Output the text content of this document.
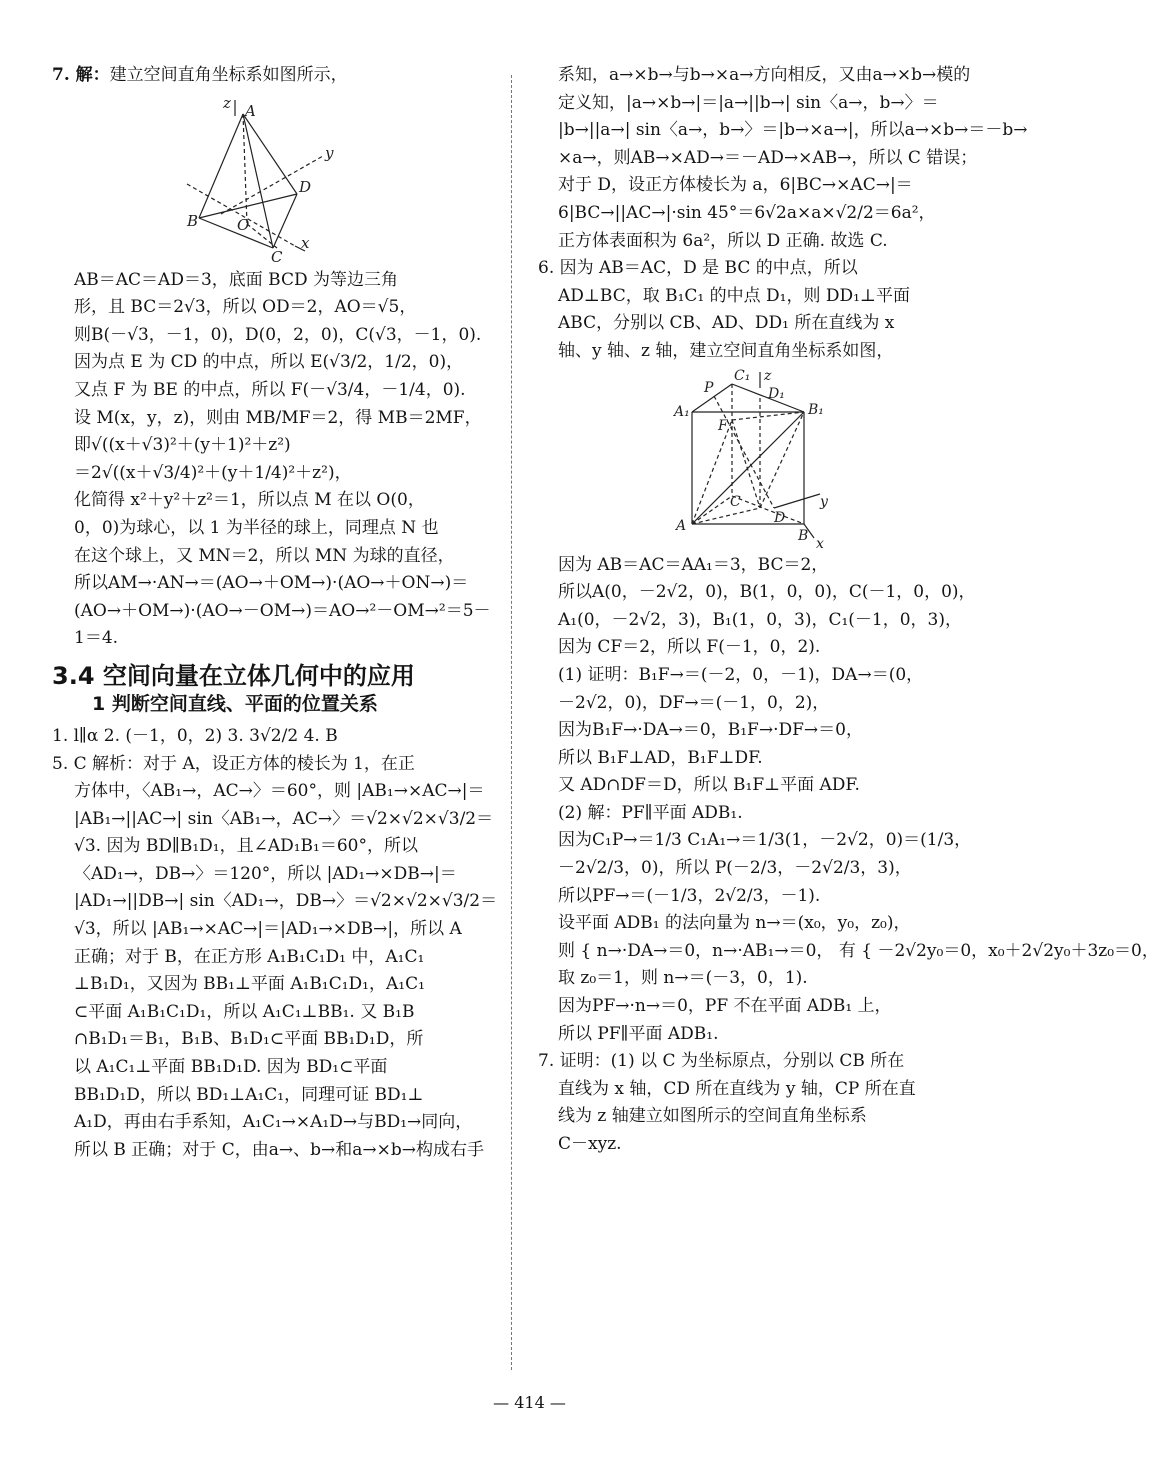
7. 解：建立空间直角坐标系如图所示，
z A
y
D
B	O
x
C
AB＝AC＝AD＝3，底面 BCD 为等边三角
形，且 BC＝2√3，所以 OD＝2，AO＝√5，
则B(－√3，－1，0)，D(0，2，0)，C(√3，－1，0).
因为点 E 为 CD 的中点，所以 E(√3/2，1/2，0)，
又点 F 为 BE 的中点，所以 F(－√3/4，－1/4，0).
设 M(x，y，z)，则由 MB/MF＝2，得 MB＝2MF，
即√((x＋√3)²＋(y＋1)²＋z²)
＝2√((x＋√3/4)²＋(y＋1/4)²＋z²)，
化简得 x²＋y²＋z²＝1，所以点 M 在以 O(0，
0，0)为球心，以 1 为半径的球上，同理点 N 也
在这个球上，又 MN＝2，所以 MN 为球的直径，
所以AM→·AN→＝(AO→＋OM→)·(AO→＋ON→)＝
(AO→＋OM→)·(AO→－OM→)＝AO→²－OM→²＝5－
1＝4.
3.4 空间向量在立体几何中的应用
1 判断空间直线、平面的位置关系
1. l∥α 2. (－1，0，2) 3. 3√2/2 4. B
5. C 解析：对于 A，设正方体的棱长为 1，在正
方体中，〈AB₁→，AC→〉＝60°，则 |AB₁→×AC→|＝
|AB₁→||AC→| sin〈AB₁→，AC→〉＝√2×√2×√3/2＝
√3. 因为 BD∥B₁D₁，且∠AD₁B₁＝60°，所以
〈AD₁→，DB→〉＝120°，所以 |AD₁→×DB→|＝
|AD₁→||DB→| sin〈AD₁→，DB→〉＝√2×√2×√3/2＝
√3，所以 |AB₁→×AC→|＝|AD₁→×DB→|，所以 A
正确；对于 B，在正方形 A₁B₁C₁D₁ 中，A₁C₁
⊥B₁D₁，又因为 BB₁⊥平面 A₁B₁C₁D₁，A₁C₁
⊂平面 A₁B₁C₁D₁，所以 A₁C₁⊥BB₁. 又 B₁B
∩B₁D₁＝B₁，B₁B、B₁D₁⊂平面 BB₁D₁D，所
以 A₁C₁⊥平面 BB₁D₁D. 因为 BD₁⊂平面
BB₁D₁D，所以 BD₁⊥A₁C₁，同理可证 BD₁⊥
A₁D，再由右手系知，A₁C₁→×A₁D→与BD₁→同向，
所以 B 正确；对于 C，由a→、b→和a→×b→构成右手
系知，a→×b→与b→×a→方向相反，又由a→×b→模的
定义知，|a→×b→|＝|a→||b→| sin〈a→，b→〉＝
|b→||a→| sin〈a→，b→〉＝|b→×a→|，所以a→×b→＝－b→
×a→，则AB→×AD→＝－AD→×AB→，所以 C 错误；
对于 D，设正方体棱长为 a，6|BC→×AC→|＝
6|BC→||AC→|·sin 45°＝6√2a×a×√2/2＝6a²，
正方体表面积为 6a²，所以 D 正确. 故选 C.
6. 因为 AB＝AC，D 是 BC 的中点，所以
AD⊥BC，取 B₁C₁ 的中点 D₁，则 DD₁⊥平面
ABC，分别以 CB、AD、DD₁ 所在直线为 x
轴、y 轴、z 轴，建立空间直角坐标系如图，
C₁ z
P	D₁
A₁	B₁
F
C	y
A	D
B x
因为 AB＝AC＝AA₁＝3，BC＝2，
所以A(0，－2√2，0)，B(1，0，0)，C(－1，0，0)，
A₁(0，－2√2，3)，B₁(1，0，3)，C₁(－1，0，3)，
因为 CF＝2，所以 F(－1，0，2).
(1) 证明：B₁F→＝(－2，0，－1)，DA→＝(0，
－2√2，0)，DF→＝(－1，0，2)，
因为B₁F→·DA→＝0，B₁F→·DF→＝0，
所以 B₁F⊥AD，B₁F⊥DF.
又 AD∩DF＝D，所以 B₁F⊥平面 ADF.
(2) 解：PF∥平面 ADB₁.
因为C₁P→＝1/3 C₁A₁→＝1/3(1，－2√2，0)＝(1/3，
－2√2/3，0)，所以 P(－2/3，－2√2/3，3)，
所以PF→＝(－1/3，2√2/3，－1).
设平面 ADB₁ 的法向量为 n→＝(x₀，y₀，z₀)，
则 { n→·DA→＝0，n→·AB₁→＝0， 有 { －2√2y₀＝0，x₀＋2√2y₀＋3z₀＝0，
取 z₀＝1，则 n→＝(－3，0，1).
因为PF→·n→＝0，PF 不在平面 ADB₁ 上，
所以 PF∥平面 ADB₁.
7. 证明：(1) 以 C 为坐标原点，分别以 CB 所在
直线为 x 轴，CD 所在直线为 y 轴，CP 所在直
线为 z 轴建立如图所示的空间直角坐标系
C－xyz.
— 414 —
